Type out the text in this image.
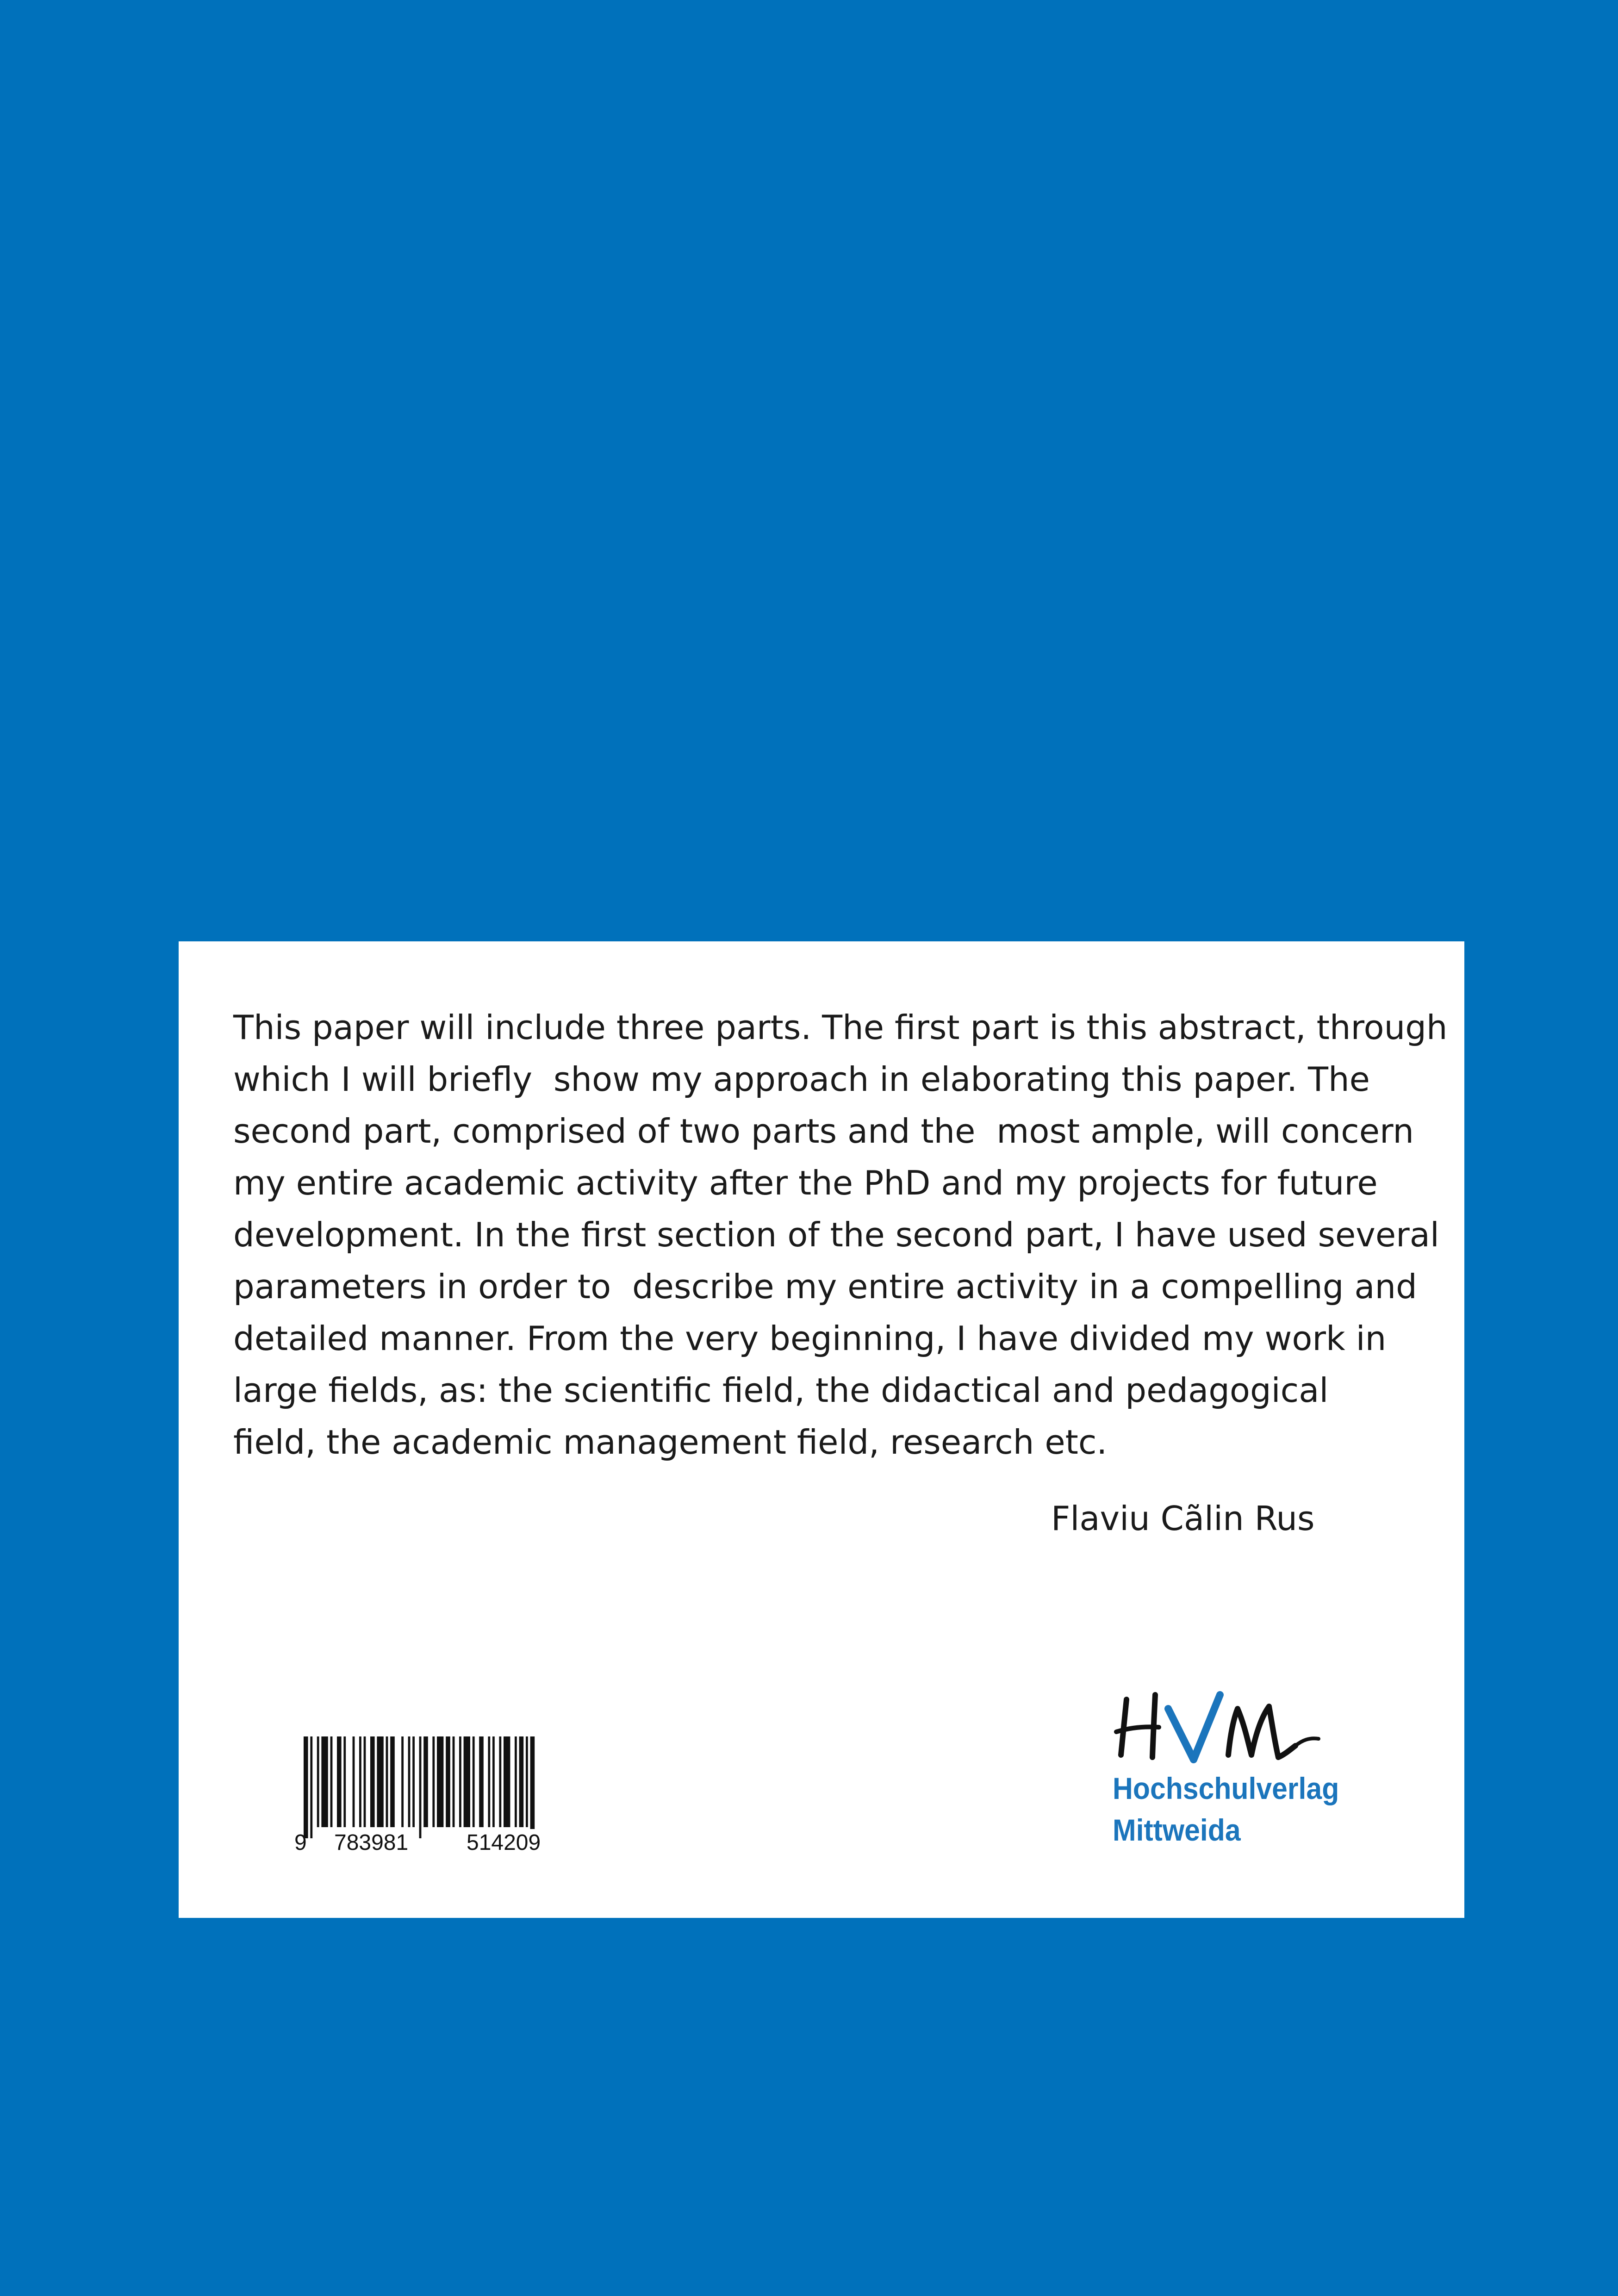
This paper will include three parts. The first part is this abstract, through
which I will briefly  show my approach in elaborating this paper. The
second part, comprised of two parts and the  most ample, will concern
my entire academic activity after the PhD and my projects for future
development. In the first section of the second part, I have used several
parameters in order to  describe my entire activity in a compelling and
detailed manner. From the very beginning, I have divided my work in
large fields, as: the scientific field, the didactical and pedagogical
field, the academic management field, research etc.

Flaviu Cãlin Rus
9 783981	514209
Hochschulverlag
Mittweida
